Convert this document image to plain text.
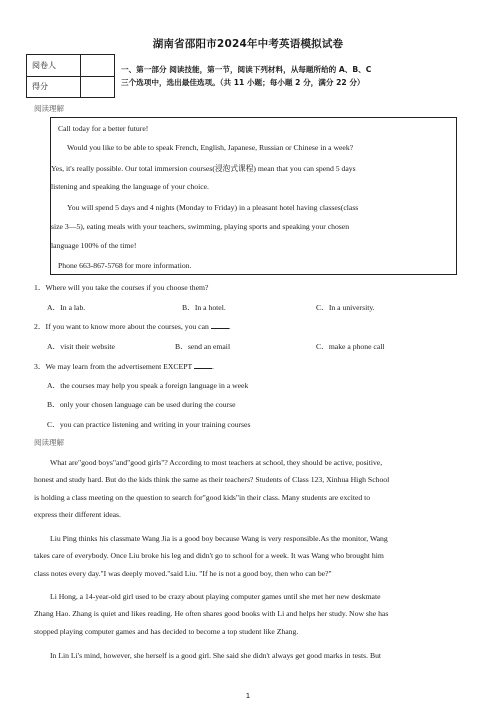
湖南省邵阳市2024年中考英语模拟试卷
阅卷人	
得分	
一、第一部分 阅读技能，第一节，阅读下列材料，从每题所给的 A、B、C
三个选项中，选出最佳选项。（共 11 小题；每小题 2 分，满分 22 分）
阅读理解
Call today for a better future!
Would you like to be able to speak French, English, Japanese, Russian or Chinese in a week?
Yes, it's really possible. Our total immersion courses(浸泡式课程) mean that you can spend 5 days
listening and speaking the language of your choice.
You will spend 5 days and 4 nights (Monday to Friday) in a pleasant hotel having classes(class
size 3—5), eating meals with your teachers, swimming, playing sports and speaking your chosen
language 100% of the time!
Phone 663-867-5768 for more information.
1．Where will you take the courses if you choose them?
A．In a lab.	B．In a hotel.	C．In a university.
2．If you want to know more about the courses, you can	.
A．visit their website	B．send an email	C．make a phone call
3．We may learn from the advertisement EXCEPT	.
A．the courses may help you speak a foreign language in a week
B．only your chosen language can be used during the course
C．you can practice listening and writing in your training courses
阅读理解
What are"good boys"and"good girls"? According to most teachers at school, they should be active, positive,
honest and study hard. But do the kids think the same as their teachers? Students of Class 123, Xinhua High School
is holding a class meeting on the question to search for"good kids"in their class. Many students are excited to
express their different ideas.
Liu Ping thinks his classmate Wang Jia is a good boy because Wang is very responsible.As the monitor, Wang
takes care of everybody. Once Liu broke his leg and didn't go to school for a week. It was Wang who brought him
class notes every day."I was deeply moved."said Liu. "If he is not a good boy, then who can be?"
Li Hong, a 14-year-old girl used to be crazy about playing computer games until she met her new deskmate
Zhang Hao. Zhang is quiet and likes reading. He often shares good books with Li and helps her study. Now she has
stopped playing computer games and has decided to become a top student like Zhang.
In Lin Li's mind, however, she herself is a good girl. She said she didn't always get good marks in tests. But
1
